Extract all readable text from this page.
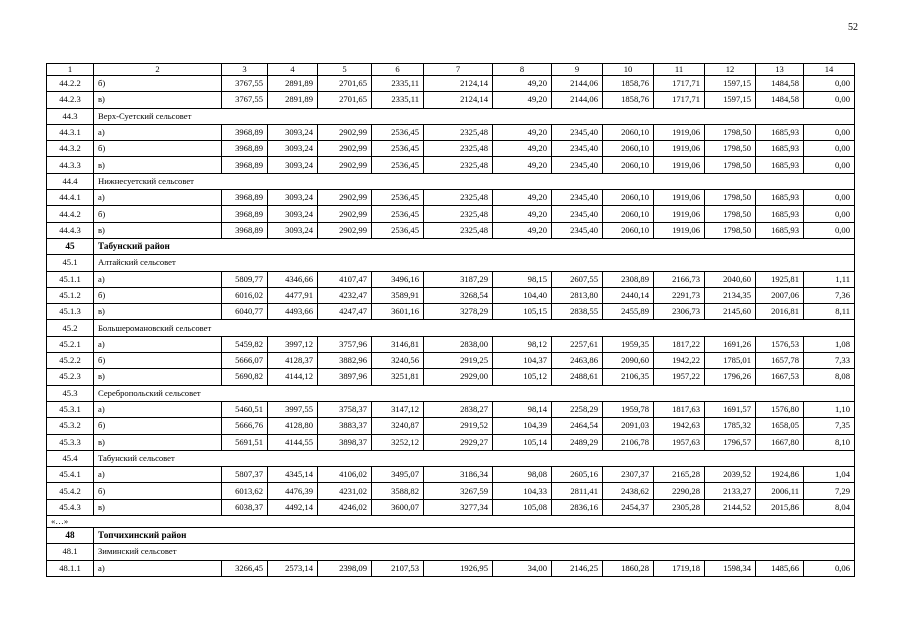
52
1	2	3	4	5	6	7	8	9	10	11	12	13	14
44.2.2	б)	3767,55	2891,89	2701,65	2335,11	2124,14	49,20	2144,06	1858,76	1717,71	1597,15	1484,58	0,00
44.2.3	в)	3767,55	2891,89	2701,65	2335,11	2124,14	49,20	2144,06	1858,76	1717,71	1597,15	1484,58	0,00
44.3	Верх-Суетский сельсовет												
44.3.1	а)	3968,89	3093,24	2902,99	2536,45	2325,48	49,20	2345,40	2060,10	1919,06	1798,50	1685,93	0,00
44.3.2	б)	3968,89	3093,24	2902,99	2536,45	2325,48	49,20	2345,40	2060,10	1919,06	1798,50	1685,93	0,00
44.3.3	в)	3968,89	3093,24	2902,99	2536,45	2325,48	49,20	2345,40	2060,10	1919,06	1798,50	1685,93	0,00
44.4	Нижнесуетский сельсовет												
44.4.1	а)	3968,89	3093,24	2902,99	2536,45	2325,48	49,20	2345,40	2060,10	1919,06	1798,50	1685,93	0,00
44.4.2	б)	3968,89	3093,24	2902,99	2536,45	2325,48	49,20	2345,40	2060,10	1919,06	1798,50	1685,93	0,00
44.4.3	в)	3968,89	3093,24	2902,99	2536,45	2325,48	49,20	2345,40	2060,10	1919,06	1798,50	1685,93	0,00
45	Табунский район												
45.1	Алтайский сельсовет												
45.1.1	а)	5809,77	4346,66	4107,47	3496,16	3187,29	98,15	2607,55	2308,89	2166,73	2040,60	1925,81	1,11
45.1.2	б)	6016,02	4477,91	4232,47	3589,91	3268,54	104,40	2813,80	2440,14	2291,73	2134,35	2007,06	7,36
45.1.3	в)	6040,77	4493,66	4247,47	3601,16	3278,29	105,15	2838,55	2455,89	2306,73	2145,60	2016,81	8,11
45.2	Большеромановский сельсовет												
45.2.1	а)	5459,82	3997,12	3757,96	3146,81	2838,00	98,12	2257,61	1959,35	1817,22	1691,26	1576,53	1,08
45.2.2	б)	5666,07	4128,37	3882,96	3240,56	2919,25	104,37	2463,86	2090,60	1942,22	1785,01	1657,78	7,33
45.2.3	в)	5690,82	4144,12	3897,96	3251,81	2929,00	105,12	2488,61	2106,35	1957,22	1796,26	1667,53	8,08
45.3	Серебропольский сельсовет												
45.3.1	а)	5460,51	3997,55	3758,37	3147,12	2838,27	98,14	2258,29	1959,78	1817,63	1691,57	1576,80	1,10
45.3.2	б)	5666,76	4128,80	3883,37	3240,87	2919,52	104,39	2464,54	2091,03	1942,63	1785,32	1658,05	7,35
45.3.3	в)	5691,51	4144,55	3898,37	3252,12	2929,27	105,14	2489,29	2106,78	1957,63	1796,57	1667,80	8,10
45.4	Табунский сельсовет												
45.4.1	а)	5807,37	4345,14	4106,02	3495,07	3186,34	98,08	2605,16	2307,37	2165,28	2039,52	1924,86	1,04
45.4.2	б)	6013,62	4476,39	4231,02	3588,82	3267,59	104,33	2811,41	2438,62	2290,28	2133,27	2006,11	7,29
45.4.3	в)	6038,37	4492,14	4246,02	3600,07	3277,34	105,08	2836,16	2454,37	2305,28	2144,52	2015,86	8,04
«…»													
48	Топчихинский район												
48.1	Зиминский сельсовет												
48.1.1	а)	3266,45	2573,14	2398,09	2107,53	1926,95	34,00	2146,25	1860,28	1719,18	1598,34	1485,66	0,06
